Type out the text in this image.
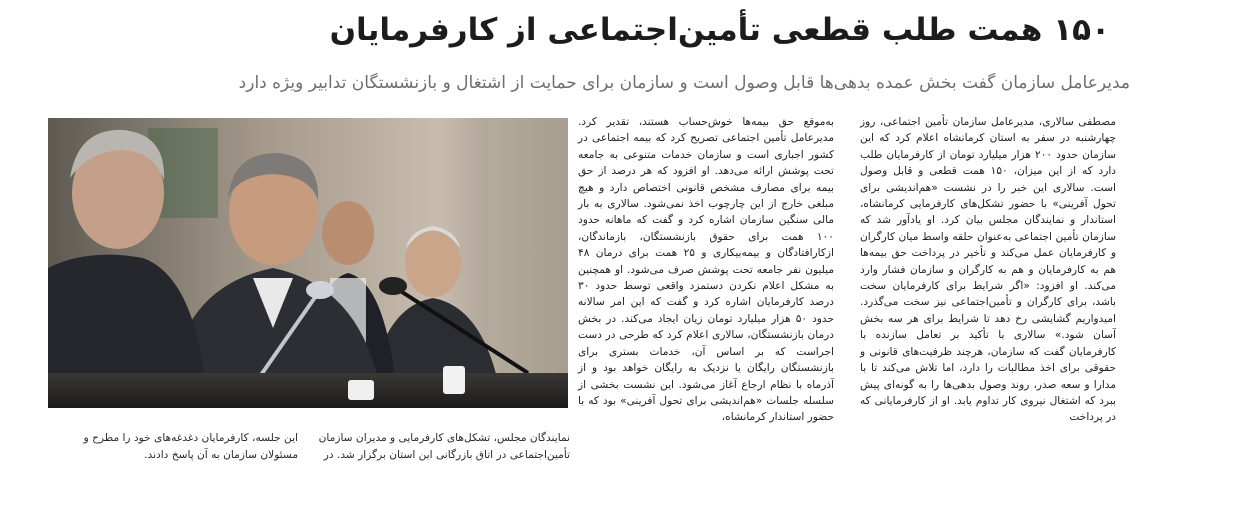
۱۵۰ همت طلب قطعی تأمین‌اجتماعی از کارفرمایان
مدیرعامل سازمان گفت بخش عمده بدهی‌ها قابل وصول است و سازمان برای حمایت از اشتغال و بازنشستگان تدابیر ویژه دارد
مصطفی سالاری، مدیرعامل سازمان تأمین اجتماعی، روز چهارشنبه در سفر به استان کرمانشاه اعلام کرد که این سازمان حدود ۲۰۰ هزار میلیارد تومان از کارفرمایان طلب دارد که از این میزان، ۱۵۰ همت قطعی و قابل وصول است. سالاری این خبر را در نشست «هم‌اندیشی برای تحول آفرینی» با حضور تشکل‌های کارفرمایی کرمانشاه، استاندار و نمایندگان مجلس بیان کرد. او یادآور شد که سازمان تأمین اجتماعی به‌عنوان حلقه واسط میان کارگران و کارفرمایان عمل می‌کند و تأخیر در پرداخت حق بیمه‌ها هم به کارفرمایان و هم به کارگران و سازمان فشار وارد می‌کند. او افزود: «اگر شرایط برای کارفرمایان سخت باشد، برای کارگران و تأمین‌اجتماعی نیز سخت می‌گذرد. امیدواریم گشایشی رخ دهد تا شرایط برای هر سه بخش آسان شود.» سالاری با تأکید بر تعامل سازنده با کارفرمایان گفت که سازمان، هرچند ظرفیت‌های قانونی و حقوقی برای اخذ مطالبات را دارد، اما تلاش می‌کند تا با مدارا و سعه صدر، روند وصول بدهی‌ها را به گونه‌ای پیش ببرد که اشتغال نیروی کار تداوم یابد. او از کارفرمایانی که در پرداخت
به‌موقع حق بیمه‌ها خوش‌حساب هستند، تقدیر کرد. مدیرعامل تأمین اجتماعی تصریح کرد که بیمه اجتماعی در کشور اجباری است و سازمان خدمات متنوعی به جامعه تحت پوشش ارائه می‌دهد. او افزود که هر درصد از حق بیمه برای مصارف مشخص قانونی اختصاص دارد و هیچ مبلغی خارج از این چارچوب اخذ نمی‌شود. سالاری به بار مالی سنگین سازمان اشاره کرد و گفت که ماهانه حدود ۱۰۰ همت برای حقوق بازنشستگان، بازماندگان، ازکارافتادگان و بیمه‌بیکاری و ۲۵ همت برای درمان ۴۸ میلیون نفر جامعه تحت پوشش صرف می‌شود. او همچنین به مشکل اعلام نکردن دستمزد واقعی توسط حدود ۳۰ درصد کارفرمایان اشاره کرد و گفت که این امر سالانه حدود ۵۰ هزار میلیارد تومان زیان ایجاد می‌کند. در بخش درمان بازنشستگان، سالاری اعلام کرد که طرحی در دست اجراست که بر اساس آن، خدمات بستری برای بازنشستگان رایگان یا نزدیک به رایگان خواهد بود و از آذرماه با نظام ارجاع آغاز می‌شود. این نشست بخشی از سلسله جلسات «هم‌اندیشی برای تحول آفرینی» بود که با حضور استاندار کرمانشاه،
نمایندگان مجلس، تشکل‌های کارفرمایی و مدیران سازمان تأمین‌اجتماعی در اتاق بازرگانی این استان برگزار شد. در
این جلسه، کارفرمایان دغدغه‌های خود را مطرح و مسئولان سازمان به آن پاسخ دادند.
